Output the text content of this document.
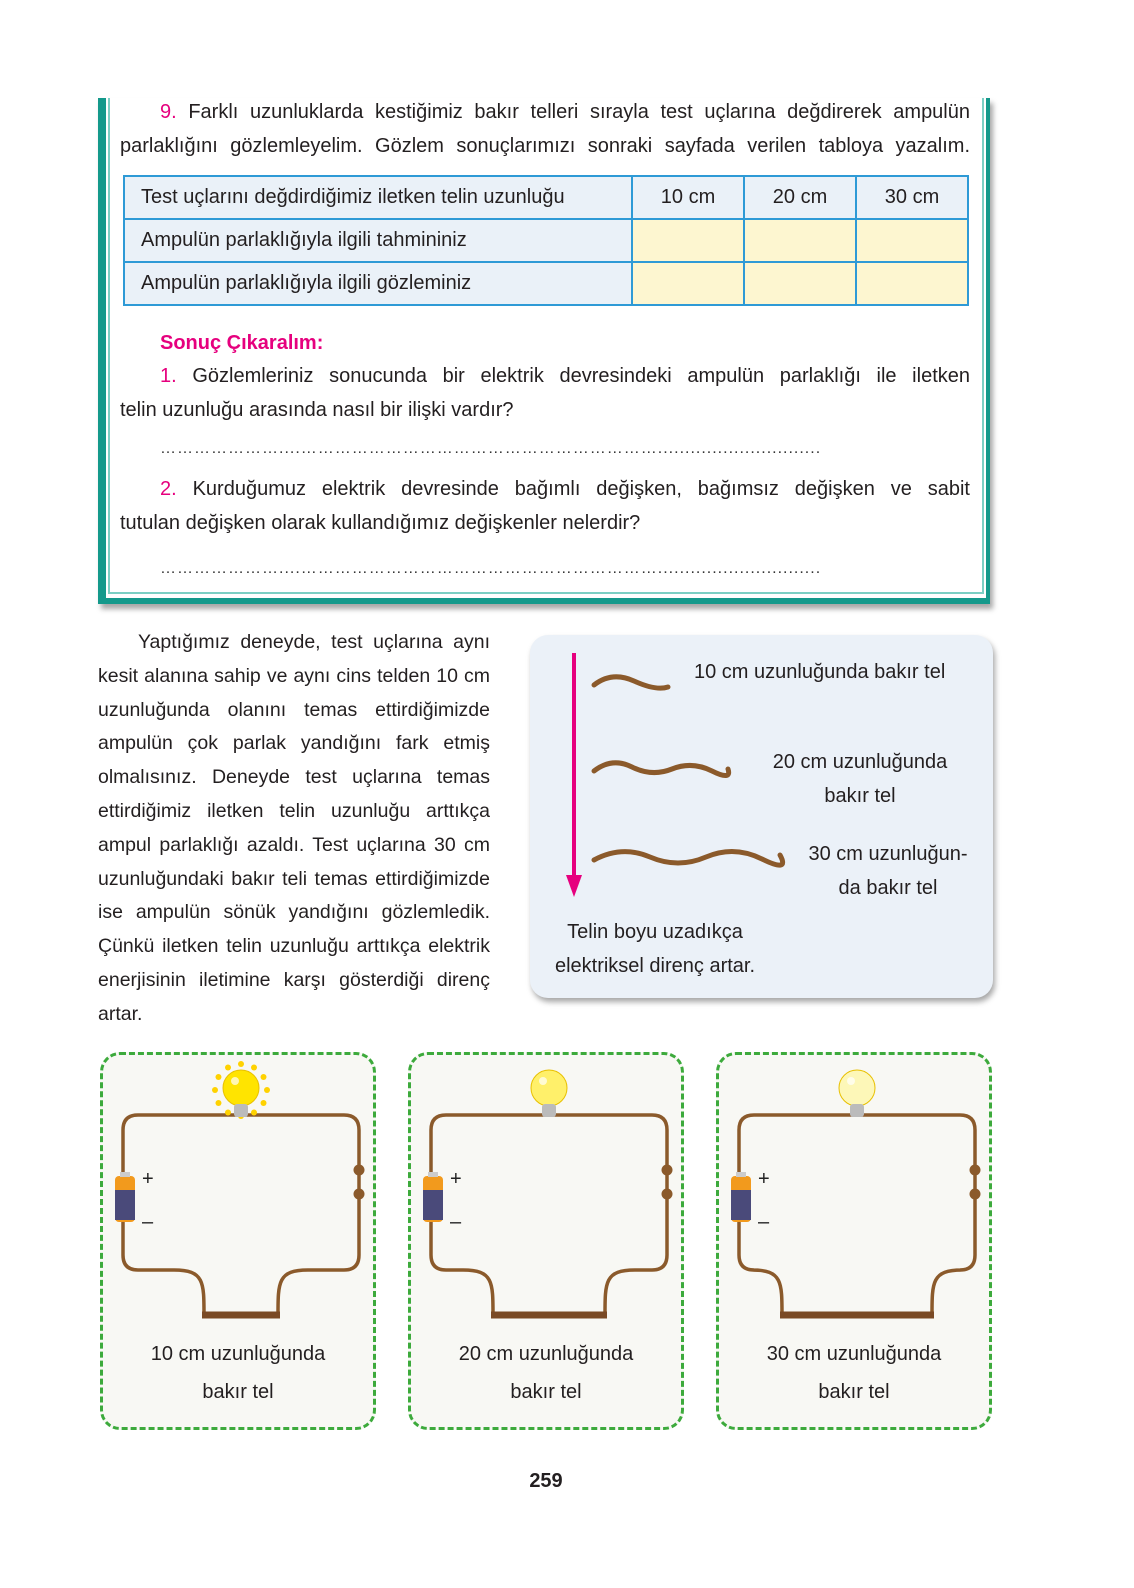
9. Farklı uzunluklarda kestiğimiz bakır telleri sırayla test uçlarına değdirerek ampulün
parlaklığını gözlemleyelim. Gözlem sonuçlarımızı sonraki sayfada verilen tabloya yazalım.
Test uçlarını değdirdiğimiz iletken telin uzunluğu	10 cm	20 cm	30 cm
Ampulün parlaklığıyla ilgili tahmininiz			
Ampulün parlaklığıyla ilgili gözleminiz			
Sonuç Çıkaralım:
1. Gözlemleriniz sonucunda bir elektrik devresindeki ampulün parlaklığı ile iletken
telin uzunluğu arasında nasıl bir ilişki vardır?
…………………....………………………………………………………..............................
2. Kurduğumuz elektrik devresinde bağımlı değişken, bağımsız değişken ve sabit
tutulan değişken olarak kullandığımız değişkenler nelerdir?
…………………....………………………………………………………..............................
Yaptığımız deneyde, test uçlarına aynı kesit alanına sahip ve aynı cins telden 10 cm uzunluğunda olanını temas ettirdiğimizde ampulün çok parlak yandığını fark etmiş olmalısınız. Deneyde test uçlarına temas ettirdiğimiz iletken telin uzunluğu arttıkça ampul parlaklığı azaldı. Test uçlarına 30 cm uzunluğundaki bakır teli temas ettirdiğimizde ise ampulün sönük yandığını gözlemledik. Çünkü iletken telin uzunluğu arttıkça elektrik enerjisinin iletimine karşı gösterdiği direnç artar.
10 cm uzunluğunda bakır tel
20 cm uzunluğunda
bakır tel
30 cm uzunluğun-
da bakır tel
Telin boyu uzadıkça
elektriksel direnç artar.
+
–
10 cm uzunluğunda
bakır tel
+
–
20 cm uzunluğunda
bakır tel
+
–
30 cm uzunluğunda
bakır tel
259
